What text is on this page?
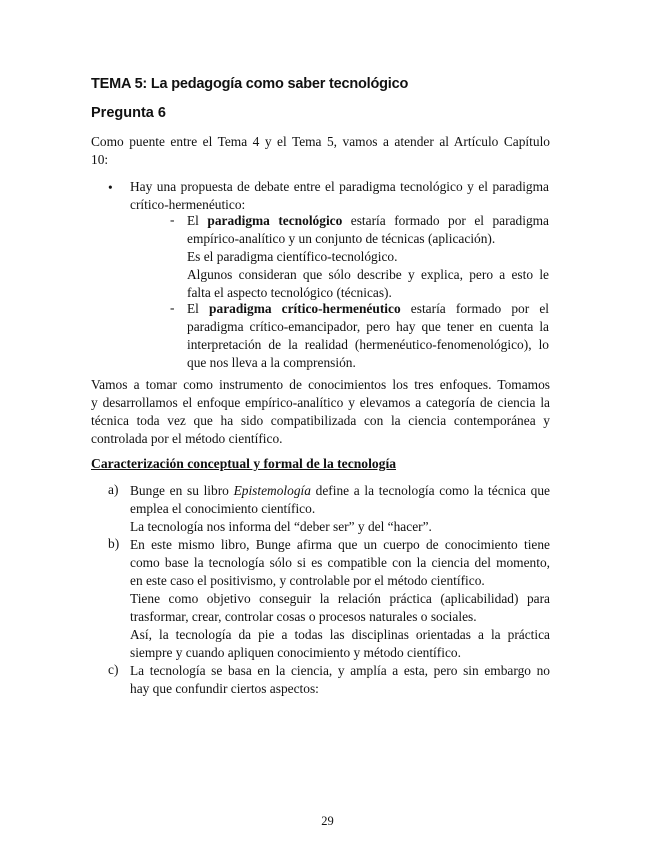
TEMA 5: La pedagogía como saber tecnológico
Pregunta 6
Como puente entre el Tema 4 y el Tema 5, vamos a atender al Artículo Capítulo
10:
• Hay una propuesta de debate entre el paradigma tecnológico y el paradigma
crítico-hermenéutico:
- El paradigma tecnológico estaría formado por el paradigma
empírico-analítico y un conjunto de técnicas (aplicación).
Es el paradigma científico-tecnológico.
Algunos consideran que sólo describe y explica, pero a esto le
falta el aspecto tecnológico (técnicas).
- El paradigma crítico-hermenéutico estaría formado por el
paradigma crítico-emancipador, pero hay que tener en cuenta la
interpretación de la realidad (hermenéutico-fenomenológico), lo
que nos lleva a la comprensión.
Vamos a tomar como instrumento de conocimientos los tres enfoques. Tomamos
y desarrollamos el enfoque empírico-analítico y elevamos a categoría de ciencia la
técnica toda vez que ha sido compatibilizada con la ciencia contemporánea y
controlada por el método científico.
Caracterización conceptual y formal de la tecnología
a) Bunge en su libro Epistemología define a la tecnología como la técnica que
emplea el conocimiento científico.
La tecnología nos informa del “deber ser” y del “hacer”.
b) En este mismo libro, Bunge afirma que un cuerpo de conocimiento tiene
como base la tecnología sólo si es compatible con la ciencia del momento,
en este caso el positivismo, y controlable por el método científico.
Tiene como objetivo conseguir la relación práctica (aplicabilidad) para
trasformar, crear, controlar cosas o procesos naturales o sociales.
Así, la tecnología da pie a todas las disciplinas orientadas a la práctica
siempre y cuando apliquen conocimiento y método científico.
c) La tecnología se basa en la ciencia, y amplía a esta, pero sin embargo no
hay que confundir ciertos aspectos:
29
